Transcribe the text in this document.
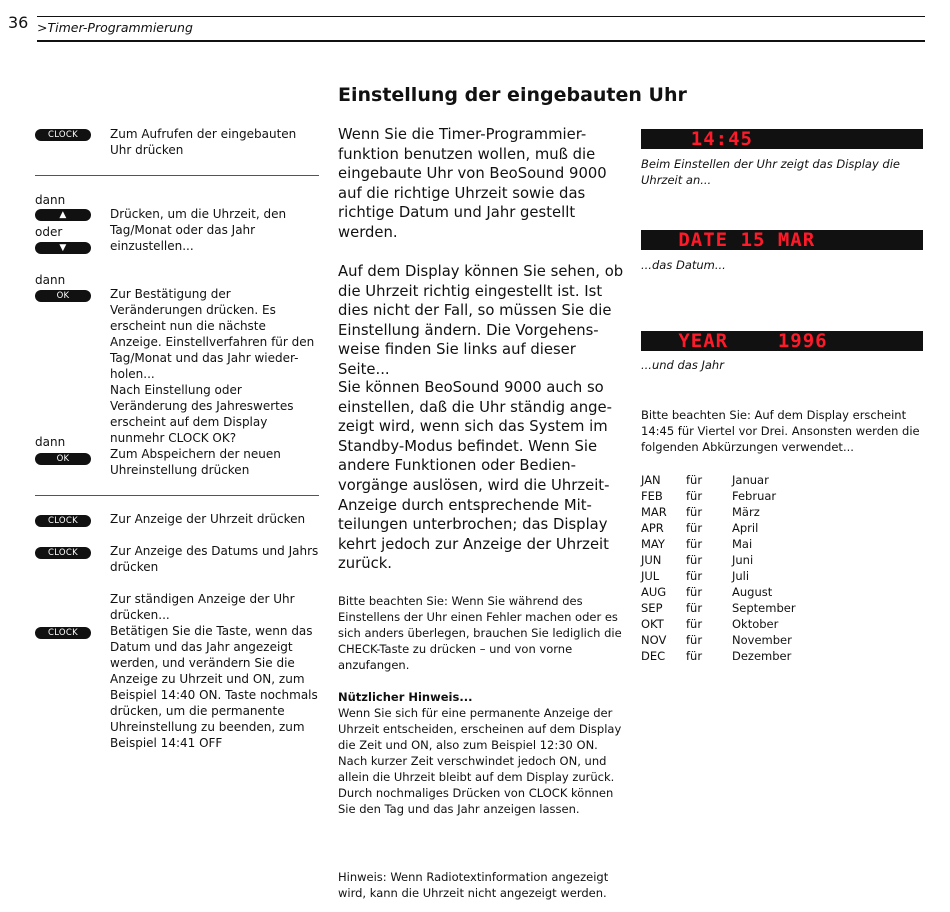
36 >Timer-Programmierung
Einstellung der eingebauten Uhr
CLOCK	Zum Aufrufen der eingebauten Uhr drücken
dann
▲
oder
▼
Drücken, um die Uhrzeit, den Tag/Monat oder das Jahr einzustellen...
dann
OK	Zur Bestätigung der Veränderungen drücken. Es erscheint nun die nächste Anzeige. Einstellverfahren für den Tag/Monat und das Jahr wieder-holen...
Nach Einstellung oder Veränderung des Jahreswertes erscheint auf dem Display nunmehr CLOCK OK?
dann
OK	Zum Abspeichern der neuen Uhreinstellung drücken
CLOCK	Zur Anzeige der Uhrzeit drücken
CLOCK	Zur Anzeige des Datums und Jahrs drücken
Zur ständigen Anzeige der Uhr drücken...
CLOCK	Betätigen Sie die Taste, wenn das Datum und das Jahr angezeigt werden, und verändern Sie die Anzeige zu Uhrzeit und ON, zum Beispiel 14:40 ON. Taste nochmals drücken, um die permanente Uhreinstellung zu beenden, zum Beispiel 14:41 OFF
Wenn Sie die Timer-Programmier-funktion benutzen wollen, muß die eingebaute Uhr von BeoSound 9000 auf die richtige Uhrzeit sowie das richtige Datum und Jahr gestellt werden.
Auf dem Display können Sie sehen, ob die Uhrzeit richtig eingestellt ist. Ist dies nicht der Fall, so müssen Sie die Einstellung ändern. Die Vorgehens-weise finden Sie links auf dieser Seite...
Sie können BeoSound 9000 auch so einstellen, daß die Uhr ständig ange-zeigt wird, wenn sich das System im Standby-Modus befindet. Wenn Sie andere Funktionen oder Bedien-vorgänge auslösen, wird die Uhrzeit-Anzeige durch entsprechende Mit-teilungen unterbrochen; das Display kehrt jedoch zur Anzeige der Uhrzeit zurück.
Bitte beachten Sie: Wenn Sie während des Einstellens der Uhr einen Fehler machen oder es sich anders überlegen, brauchen Sie lediglich die CHECK-Taste zu drücken – und von vorne anzufangen.
Nützlicher Hinweis...
Wenn Sie sich für eine permanente Anzeige der Uhrzeit entscheiden, erscheinen auf dem Display die Zeit und ON, also zum Beispiel 12:30 ON. Nach kurzer Zeit verschwindet jedoch ON, und allein die Uhrzeit bleibt auf dem Display zurück. Durch nochmaliges Drücken von CLOCK können Sie den Tag und das Jahr anzeigen lassen.
Hinweis: Wenn Radiotextinformation angezeigt wird, kann die Uhrzeit nicht angezeigt werden.
14:45
Beim Einstellen der Uhr zeigt das Display die Uhrzeit an...
DATE 15 MAR
...das Datum...
YEAR    1996
...und das Jahr
Bitte beachten Sie: Auf dem Display erscheint 14:45 für Viertel vor Drei. Ansonsten werden die folgenden Abkürzungen verwendet...
JAN	für	Januar
FEB	für	Februar
MAR	für	März
APR	für	April
MAY	für	Mai
JUN	für	Juni
JUL	für	Juli
AUG	für	August
SEP	für	September
OKT	für	Oktober
NOV	für	November
DEC	für	Dezember
